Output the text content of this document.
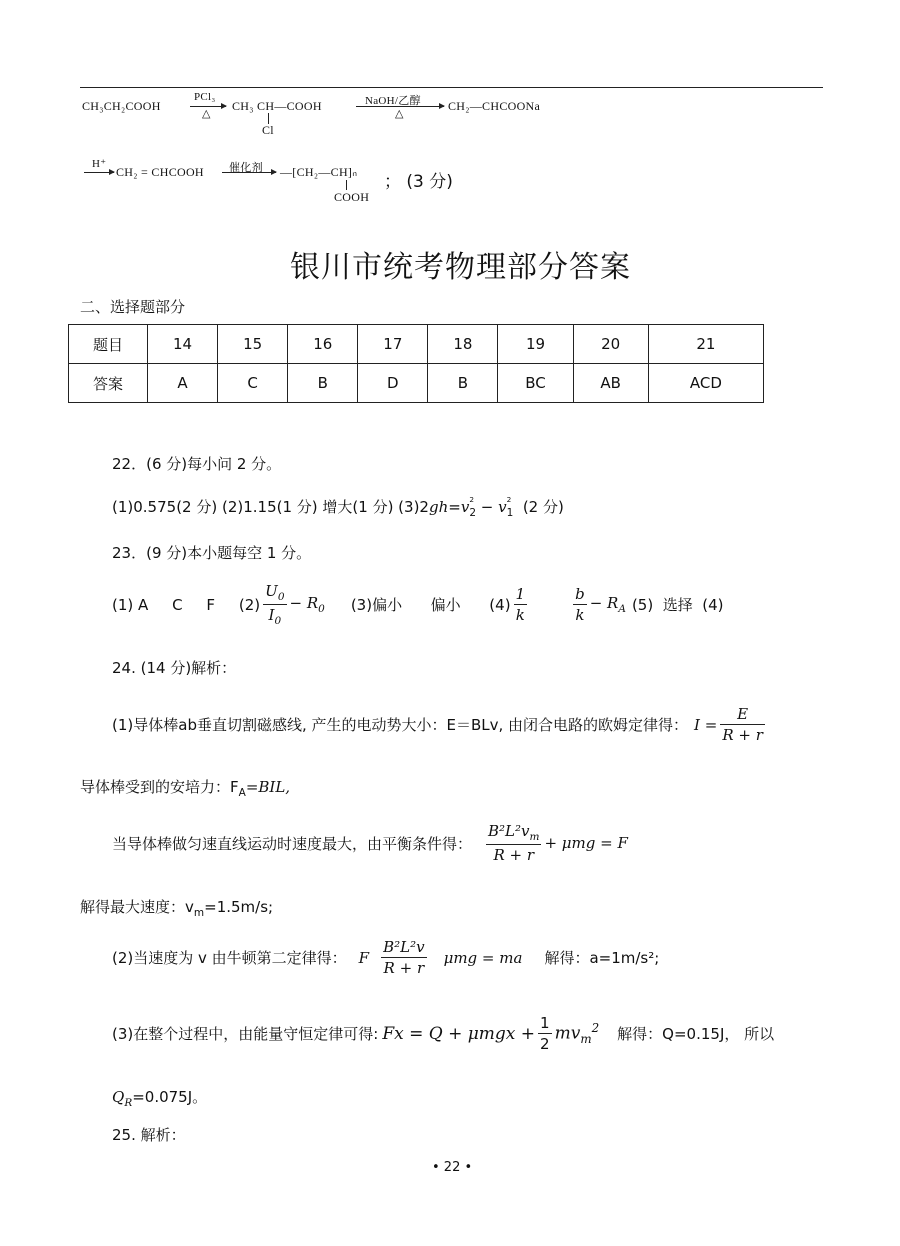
CH₃CH₂COOH
PCl₃
△
CH₃ CH—COOH
Cl
NaOH/乙醇
△
CH₂—CHCOONa
H⁺
→ CH₂ = CHCOOH 催化剂 → —[CH₂—CH]ₙ
COOH
； (3 分)
银川市统考物理部分答案
二、选择题部分
题目	14	15	16	17	18	19	20	21
答案	A	C	B	D	B	BC	AB	ACD
22．(6 分)每小问 2 分。
(1)0.575(2 分) (2)1.15(1 分) 增大(1 分) (3)2gh=v $_{2 2}$ − v $_{2 1}$ (2 分)
23．(9 分)本小题每空 1 分。
(1) A     C     F     $(2) \frac{U_0}{I_0} - R_0$ (3)偏小      偏小      $(4) \frac{1}{k}$	$\frac{b}{k} - R_A$ (5)  选择  (4)
24. (14 分)解析：
(1)导体棒ab垂直切割磁感线, 产生的电动势大小：E＝BLv, 由闭合电路的欧姆定律得： $I = \frac{E}{R + r}$
导体棒受到的安培力：$F_A=BIL$,
当导体棒做匀速直线运动时速度最大，由平衡条件得： $\frac{B^2L^2v_m}{R + r} + \mu mg = F$
解得最大速度：$v_m=1.5m/s$;
(2)当速度为 v 由牛顿第二定律得： F $\frac{\text{B²L²v}}{R + r}$ μmg = ma 解得：a=1m/s²;
(3)在整个过程中，由能量守恒定律可得: $Fx = Q + \mu mgx + \frac{1}{2} mv_m^2$ 解得：Q=0.15J， 所以
$Q_R=0.075J$。
25. 解析：
• 22 •
